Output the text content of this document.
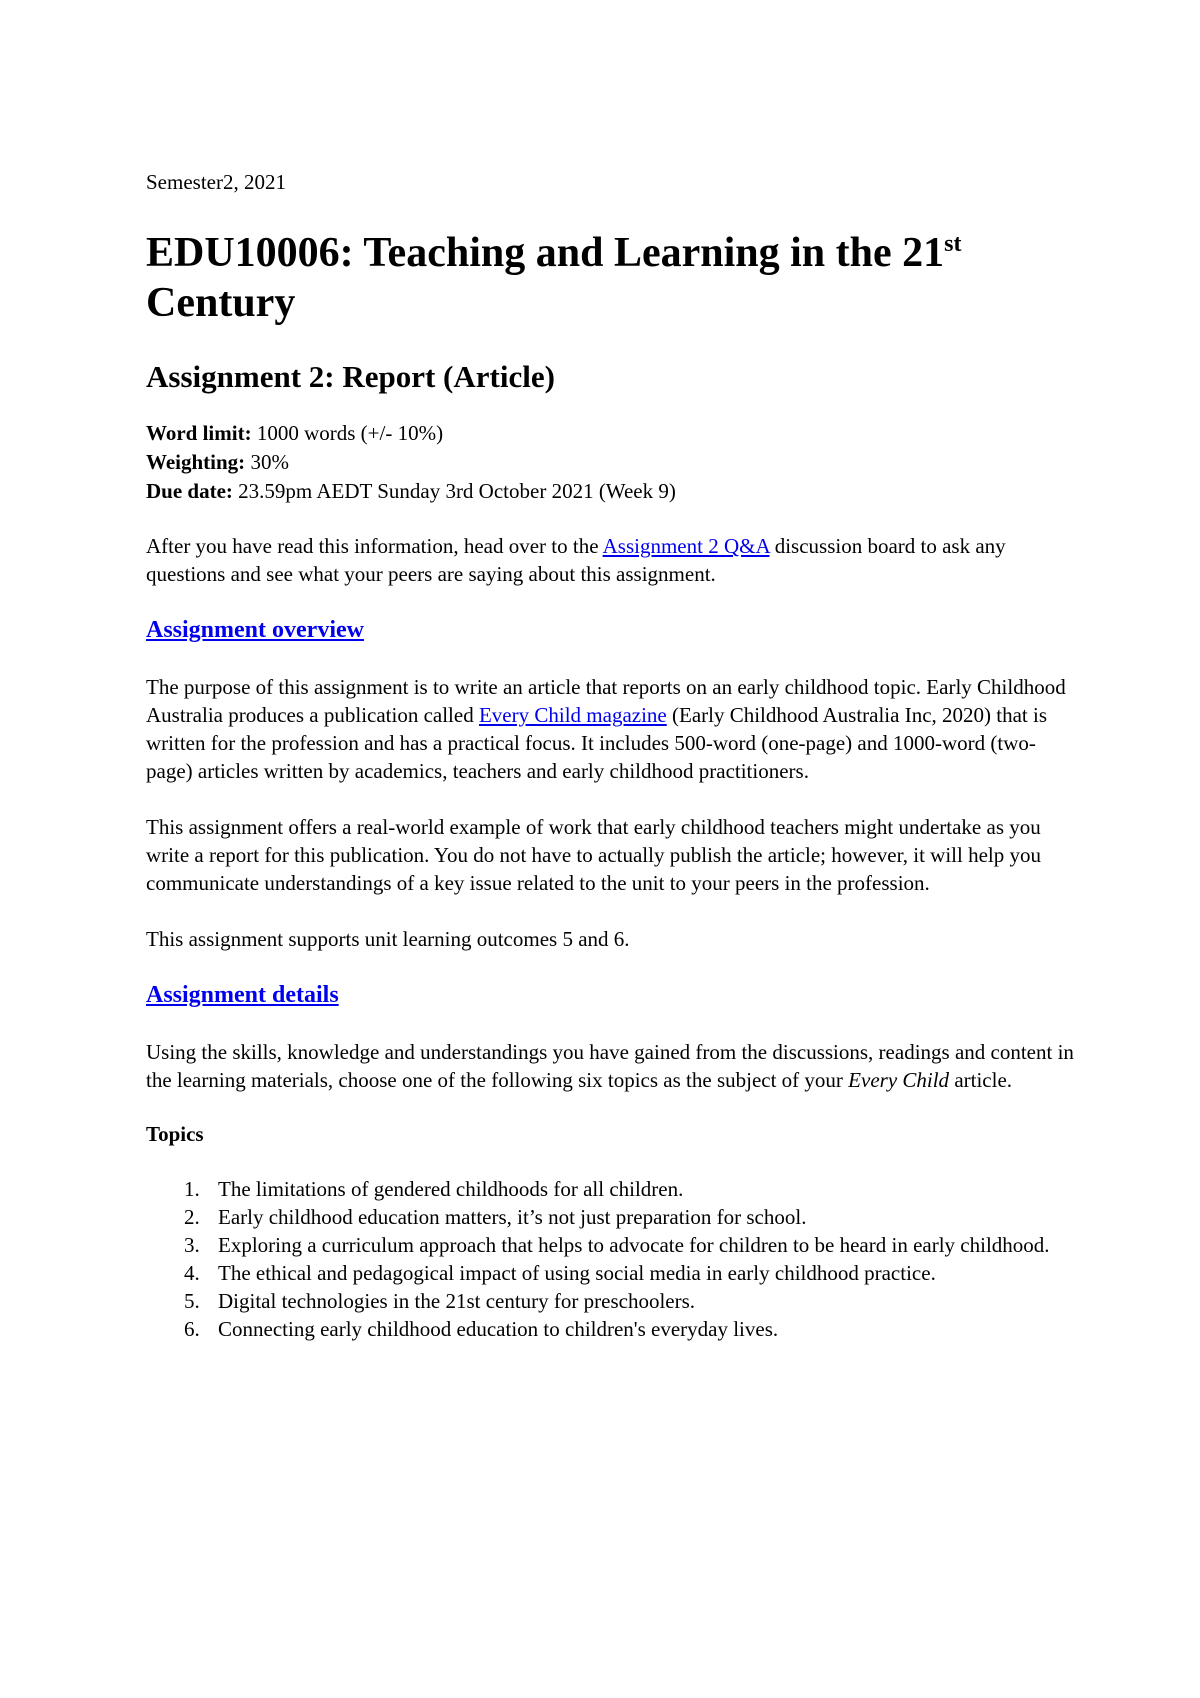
Semester2, 2021
EDU10006: Teaching and Learning in the 21st Century
Assignment 2: Report (Article)
Word limit: 1000 words (+/- 10%)
Weighting: 30%
Due date: 23.59pm AEDT Sunday 3rd October 2021 (Week 9)

After you have read this information, head over to the Assignment 2 Q&A discussion board to ask any questions and see what your peers are saying about this assignment.

Assignment overview

The purpose of this assignment is to write an article that reports on an early childhood topic. Early Childhood Australia produces a publication called Every Child magazine (Early Childhood Australia Inc, 2020) that is written for the profession and has a practical focus. It includes 500-word (one-page) and 1000-word (two-page) articles written by academics, teachers and early childhood practitioners.

This assignment offers a real-world example of work that early childhood teachers might undertake as you write a report for this publication. You do not have to actually publish the article; however, it will help you communicate understandings of a key issue related to the unit to your peers in the profession.

This assignment supports unit learning outcomes 5 and 6.

Assignment details

Using the skills, knowledge and understandings you have gained from the discussions, readings and content in the learning materials, choose one of the following six topics as the subject of your Every Child article.

Topics
1. The limitations of gendered childhoods for all children.
2. Early childhood education matters, it’s not just preparation for school.
3. Exploring a curriculum approach that helps to advocate for children to be heard in early childhood.
4. The ethical and pedagogical impact of using social media in early childhood practice.
5. Digital technologies in the 21st century for preschoolers.
6. Connecting early childhood education to children's everyday lives.
